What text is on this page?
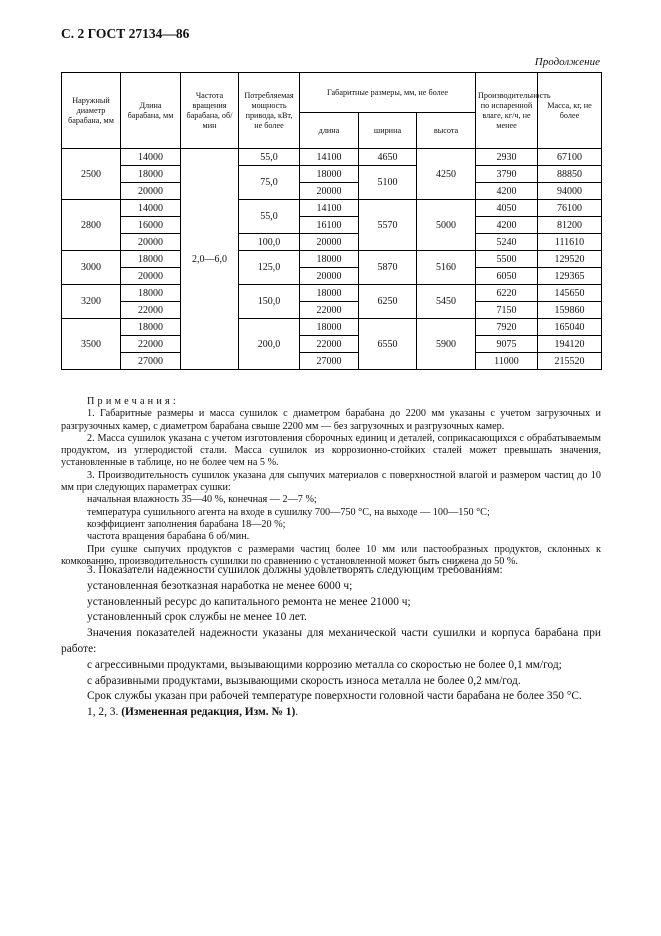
С. 2 ГОСТ 27134—86
Продолжение
Наружный диаметр барабана, мм	Длина барабана, мм	Частота вращения барабана, об/мин	Потребляемая мощность привода, кВт, не более	Габаритные размеры, мм, не более			Производительность по испаренной влаге, кг/ч, не менее	Масса, кг, не более
				длина	ширина	высота		
2500	14000	2,0—6,0	55,0	14100	4650	4250	2930	67100
	18000		75,0	18000	5100		3790	88850
	20000			20000			4200	94000
2800	14000		55,0	14100	5570	5000	4050	76100
	16000			16100			4200	81200
	20000		100,0	20000			5240	111610
3000	18000		125,0	18000	5870	5160	5500	129520
	20000			20000			6050	129365
3200	18000		150,0	18000	6250	5450	6220	145650
	22000			22000			7150	159860
3500	18000		200,0	18000	6550	5900	7920	165040
	22000			22000			9075	194120
	27000			27000			11000	215520

Примечания:

1. Габаритные размеры и масса сушилок с диаметром барабана до 2200 мм указаны с учетом загрузочных и разгрузочных камер, с диаметром барабана свыше 2200 мм — без загрузочных и разгрузочных камер.

2. Масса сушилок указана с учетом изготовления сборочных единиц и деталей, соприкасающихся с обрабатываемым продуктом, из углеродистой стали. Масса сушилок из коррозионно-стойких сталей может превышать значения, установленные в таблице, но не более чем на 5 %.

3. Производительность сушилок указана для сыпучих материалов с поверхностной влагой и размером частиц до 10 мм при следующих параметрах сушки:

начальная влажность 35—40 %, конечная — 2—7 %;

температура сушильного агента на входе в сушилку 700—750 °С, на выходе — 100—150 °С;

коэффициент заполнения барабана 18—20 %;

частота вращения барабана 6 об/мин.

При сушке сыпучих продуктов с размерами частиц более 10 мм или пастообразных продуктов, склонных к комкованию, производительность сушилки по сравнению с установленной может быть снижена до 50 %.

3. Показатели надежности сушилок должны удовлетворять следующим требованиям:

установленная безотказная наработка не менее 6000 ч;

установленный ресурс до капитального ремонта не менее 21000 ч;

установленный срок службы не менее 10 лет.

Значения показателей надежности указаны для механической части сушилки и корпуса барабана при работе:

с агрессивными продуктами, вызывающими коррозию металла со скоростью не более 0,1 мм/год;

с абразивными продуктами, вызывающими скорость износа металла не более 0,2 мм/год.

Срок службы указан при рабочей температуре поверхности головной части барабана не более 350 °С.

1, 2, 3. (Измененная редакция, Изм. № 1).
